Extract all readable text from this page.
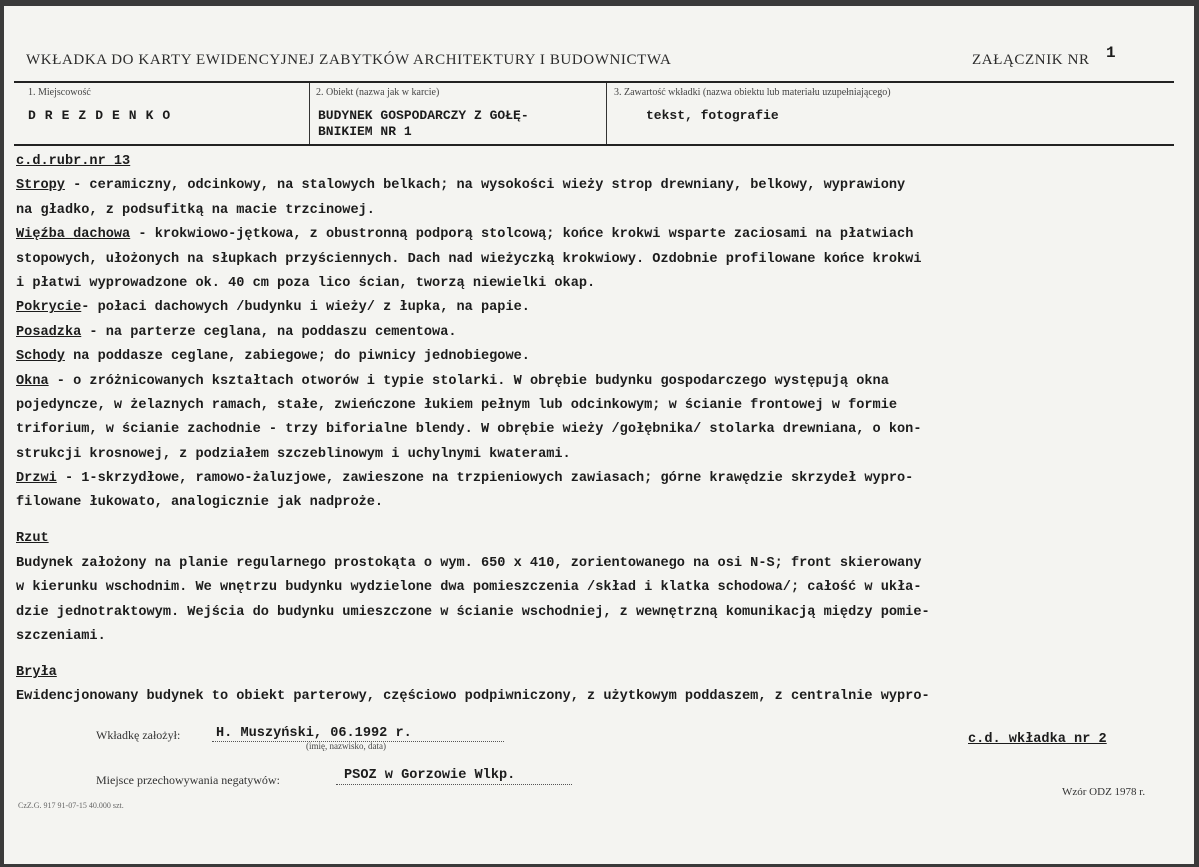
WKŁADKA DO KARTY EWIDENCYJNEJ ZABYTKÓW ARCHITEKTURY I BUDOWNICTWA	ZAŁĄCZNIK NR 1
1. Miejscowość
DREZDENKO
2. Obiekt (nazwa jak w karcie)
BUDYNEK GOSPODARCZY Z GOŁĘ-
BNIKIEM NR 1
3. Zawartość wkładki (nazwa obiektu lub materiału uzupełniającego)
tekst, fotografie
c.d.rubr.nr 13
Stropy - ceramiczny, odcinkowy, na stalowych belkach; na wysokości wieży strop drewniany, belkowy, wyprawiony
na gładko, z podsufitką na macie trzcinowej.
Więźba dachowa - krokwiowo-jętkowa, z obustronną podporą stolcową; końce krokwi wsparte zaciosami na płatwiach
stopowych, ułożonych na słupkach przyściennych. Dach nad wieżyczką krokwiowy. Ozdobnie profilowane końce krokwi
i płatwi wyprowadzone ok. 40 cm poza lico ścian, tworzą niewielki okap.
Pokrycie- połaci dachowych /budynku i wieży/ z łupka, na papie.
Posadzka - na parterze ceglana, na poddaszu cementowa.
Schody na poddasze ceglane, zabiegowe; do piwnicy jednobiegowe.
Okna - o zróżnicowanych kształtach otworów i typie stolarki. W obrębie budynku gospodarczego występują okna
pojedyncze, w żelaznych ramach, stałe, zwieńczone łukiem pełnym lub odcinkowym; w ścianie frontowej w formie
triforium, w ścianie zachodnie - trzy biforialne blendy. W obrębie wieży /gołębnika/ stolarka drewniana, o kon-
strukcji krosnowej, z podziałem szczeblinowym i uchylnymi kwaterami.
Drzwi - 1-skrzydłowe, ramowo-żaluzjowe, zawieszone na trzpieniowych zawiasach; górne krawędzie skrzydeł wypro-
filowane łukowato, analogicznie jak nadproże.
Rzut
Budynek założony na planie regularnego prostokąta o wym. 650 x 410, zorientowanego na osi N-S; front skierowany
w kierunku wschodnim. We wnętrzu budynku wydzielone dwa pomieszczenia /skład i klatka schodowa/; całość w ukła-
dzie jednotraktowym. Wejścia do budynku umieszczone w ścianie wschodniej, z wewnętrzną komunikacją między pomie-
szczeniami.
Bryła
Ewidencjonowany budynek to obiekt parterowy, częściowo podpiwniczony, z użytkowym poddaszem, z centralnie wypro-
Wkładkę założył:	H. Muszyński, 06.1992 r.
(imię, nazwisko, data)	c.d. wkładka nr 2
Miejsce przechowywania negatywów:	PSOZ w Gorzowie Wlkp.
CzZ.G. 917 91-07-15 40.000 szt.
Wzór ODZ 1978 r.
